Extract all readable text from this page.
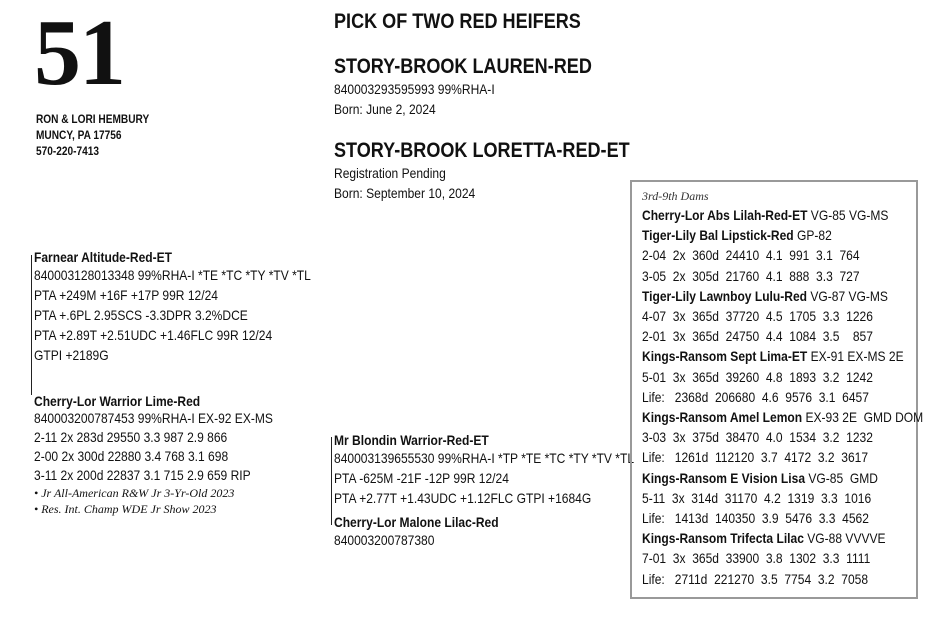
51
RON & LORI HEMBURY
MUNCY, PA 17756
570-220-7413
PICK OF TWO RED HEIFERS
STORY-BROOK LAUREN-RED
840003293595993 99%RHA-I
Born: June 2, 2024
STORY-BROOK LORETTA-RED-ET
Registration Pending
Born: September 10, 2024
Farnear Altitude-Red-ET
840003128013348 99%RHA-I *TE *TC *TY *TV *TL
PTA +249M +16F +17P 99R 12/24
PTA +.6PL 2.95SCS -3.3DPR 3.2%DCE
PTA +2.89T +2.51UDC +1.46FLC 99R 12/24
GTPI +2189G
Cherry-Lor Warrior Lime-Red
840003200787453 99%RHA-I EX-92 EX-MS
2-11 2x 283d 29550 3.3 987 2.9 866
2-00 2x 300d 22880 3.4 768 3.1 698
3-11 2x 200d 22837 3.1 715 2.9 659 RIP
• Jr All-American R&W Jr 3-Yr-Old 2023
• Res. Int. Champ WDE Jr Show 2023
Mr Blondin Warrior-Red-ET
840003139655530 99%RHA-I *TP *TE *TC *TY *TV *TL
PTA -625M -21F -12P 99R 12/24
PTA +2.77T +1.43UDC +1.12FLC GTPI +1684G
Cherry-Lor Malone Lilac-Red
840003200787380
3rd-9th Dams
Cherry-Lor Abs Lilah-Red-ET VG-85 VG-MS
Tiger-Lily Bal Lipstick-Red GP-82
2-04  2x  360d  24410  4.1  991  3.1  764
3-05  2x  305d  21760  4.1  888  3.3  727
Tiger-Lily Lawnboy Lulu-Red VG-87 VG-MS
4-07  3x  365d  37720  4.5  1705  3.3  1226
2-01  3x  365d  24750  4.4  1084  3.5    857
Kings-Ransom Sept Lima-ET EX-91 EX-MS 2E
5-01  3x  365d  39260  4.8  1893  3.2  1242
Life:   2368d  206680  4.6  9576  3.1  6457
Kings-Ransom Amel Lemon EX-93 2E  GMD DOM
3-03  3x  375d  38470  4.0  1534  3.2  1232
Life:   1261d  112120  3.7  4172  3.2  3617
Kings-Ransom E Vision Lisa VG-85  GMD
5-11  3x  314d  31170  4.2  1319  3.3  1016
Life:   1413d  140350  3.9  5476  3.3  4562
Kings-Ransom Trifecta Lilac VG-88 VVVVE
7-01  3x  365d  33900  3.8  1302  3.3  1111
Life:   2711d  221270  3.5  7754  3.2  7058
